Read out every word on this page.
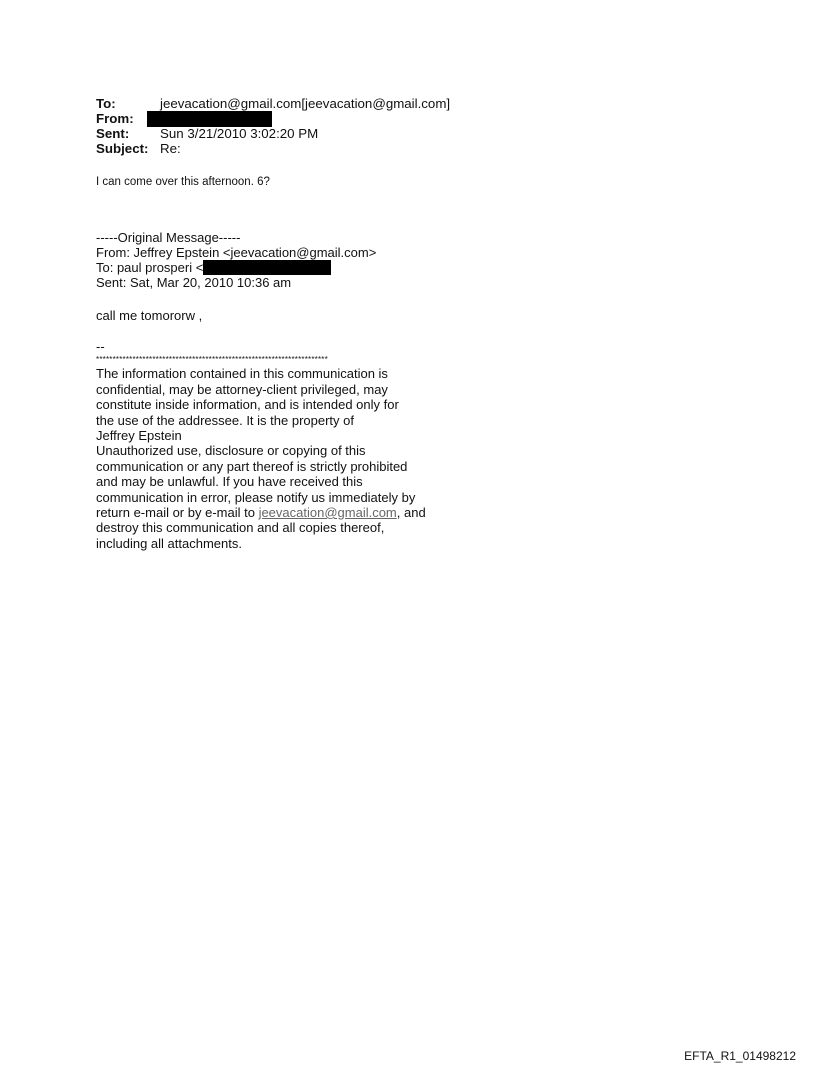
To:	jeevacation@gmail.com[jeevacation@gmail.com]
From:
Sent:	Sun 3/21/2010 3:02:20 PM
Subject: Re:
I can come over this afternoon. 6?
-----Original Message-----
From: Jeffrey Epstein <jeevacation@gmail.com>
To: paul prosperi <
Sent: Sat, Mar 20, 2010 10:36 am
call me tomororw ,
--
**********************************************************************
The information contained in this communication is
confidential, may be attorney-client privileged, may
constitute inside information, and is intended only for
the use of the addressee. It is the property of
Jeffrey Epstein
Unauthorized use, disclosure or copying of this
communication or any part thereof is strictly prohibited
and may be unlawful. If you have received this
communication in error, please notify us immediately by
return e-mail or by e-mail to jeevacation@gmail.com, and
destroy this communication and all copies thereof,
including all attachments.
EFTA_R1_01498212
